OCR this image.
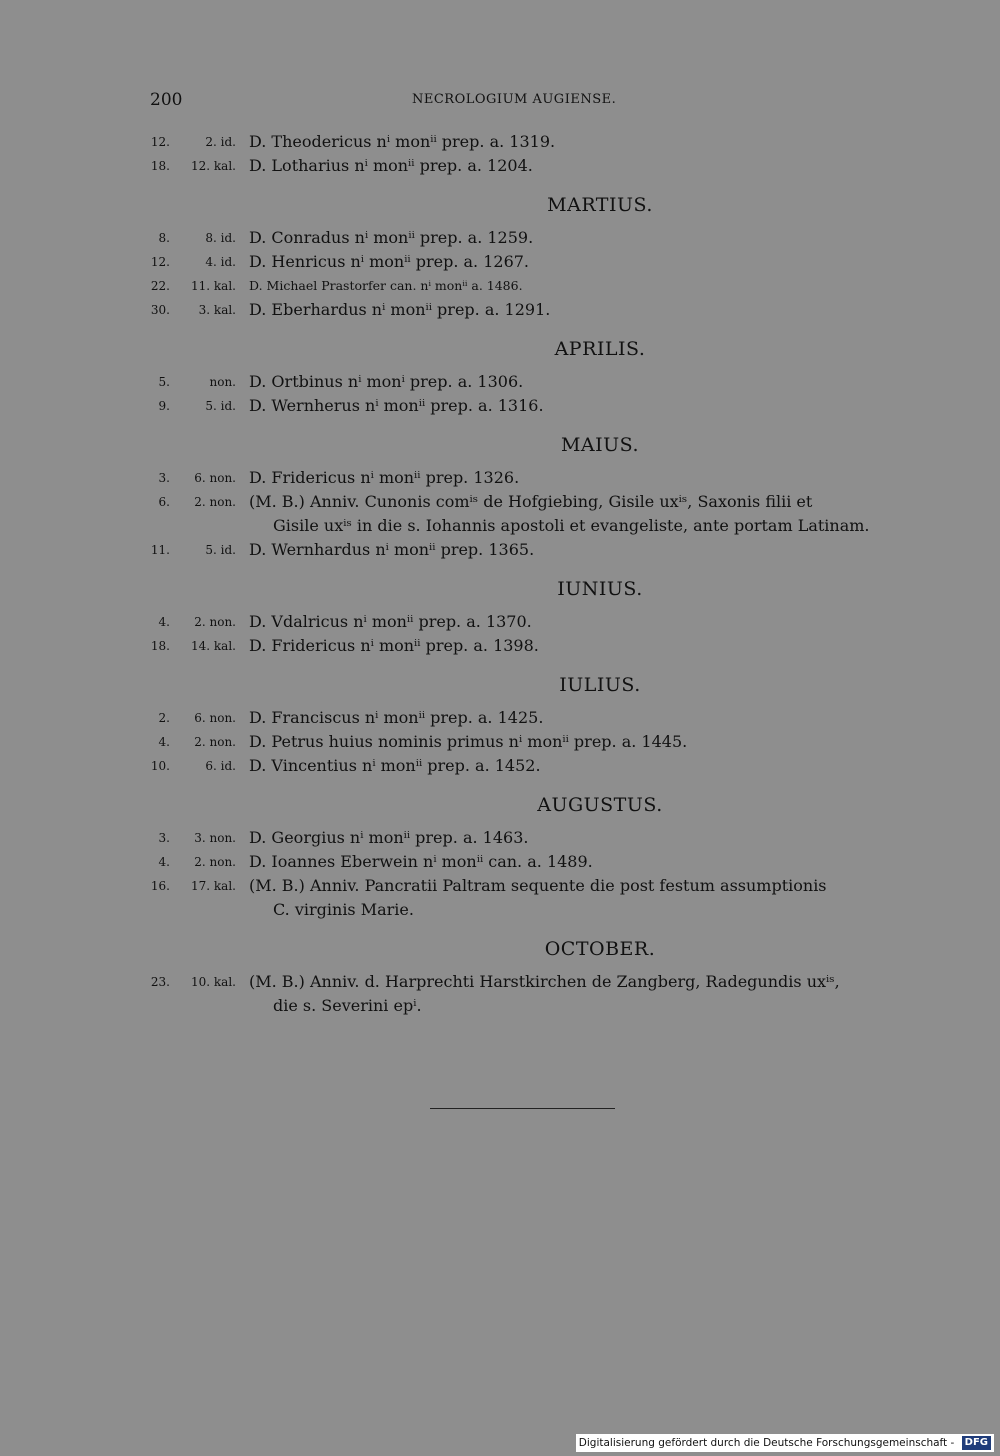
200	NECROLOGIUM AUGIENSE.
12.	2. id. D. Theodericus nⁱ monⁱⁱ prep. a. 1319.
18.	12. kal. D. Lotharius nⁱ monⁱⁱ prep. a. 1204.
MARTIUS.
8.	8. id. D. Conradus nⁱ monⁱⁱ prep. a. 1259.
12.	4. id. D. Henricus nⁱ monⁱⁱ prep. a. 1267.
22.	11. kal. D. Michael Prastorfer can. nⁱ monⁱⁱ a. 1486.
30.	3. kal. D. Eberhardus nⁱ monⁱⁱ prep. a. 1291.
APRILIS.
5.	non. D. Ortbinus nⁱ monⁱ prep. a. 1306.
9.	5. id. D. Wernherus nⁱ monⁱⁱ prep. a. 1316.
MAIUS.
3.	6. non. D. Fridericus nⁱ monⁱⁱ prep. 1326.
6.	2. non. (M. B.) Anniv. Cunonis comⁱˢ de Hofgiebing, Gisile uxⁱˢ, Saxonis filii et
Gisile uxⁱˢ in die s. Iohannis apostoli et evangeliste, ante portam Latinam.
11.	5. id. D. Wernhardus nⁱ monⁱⁱ prep. 1365.
IUNIUS.
4.	2. non. D. Vdalricus nⁱ monⁱⁱ prep. a. 1370.
18.	14. kal. D. Fridericus nⁱ monⁱⁱ prep. a. 1398.
IULIUS.
2.	6. non. D. Franciscus nⁱ monⁱⁱ prep. a. 1425.
4.	2. non. D. Petrus huius nominis primus nⁱ monⁱⁱ prep. a. 1445.
10.	6. id. D. Vincentius nⁱ monⁱⁱ prep. a. 1452.
AUGUSTUS.
3.	3. non. D. Georgius nⁱ monⁱⁱ prep. a. 1463.
4.	2. non. D. Ioannes Eberwein nⁱ monⁱⁱ can. a. 1489.
16.	17. kal. (M. B.) Anniv. Pancratii Paltram sequente die post festum assumptionis
C. virginis Marie.
OCTOBER.
23.	10. kal. (M. B.) Anniv. d. Harprechti Harstkirchen de Zangberg, Radegundis uxⁱˢ,
die s. Severini epⁱ.
Digitalisierung gefördert durch die Deutsche Forschungsgemeinschaft - DFG
